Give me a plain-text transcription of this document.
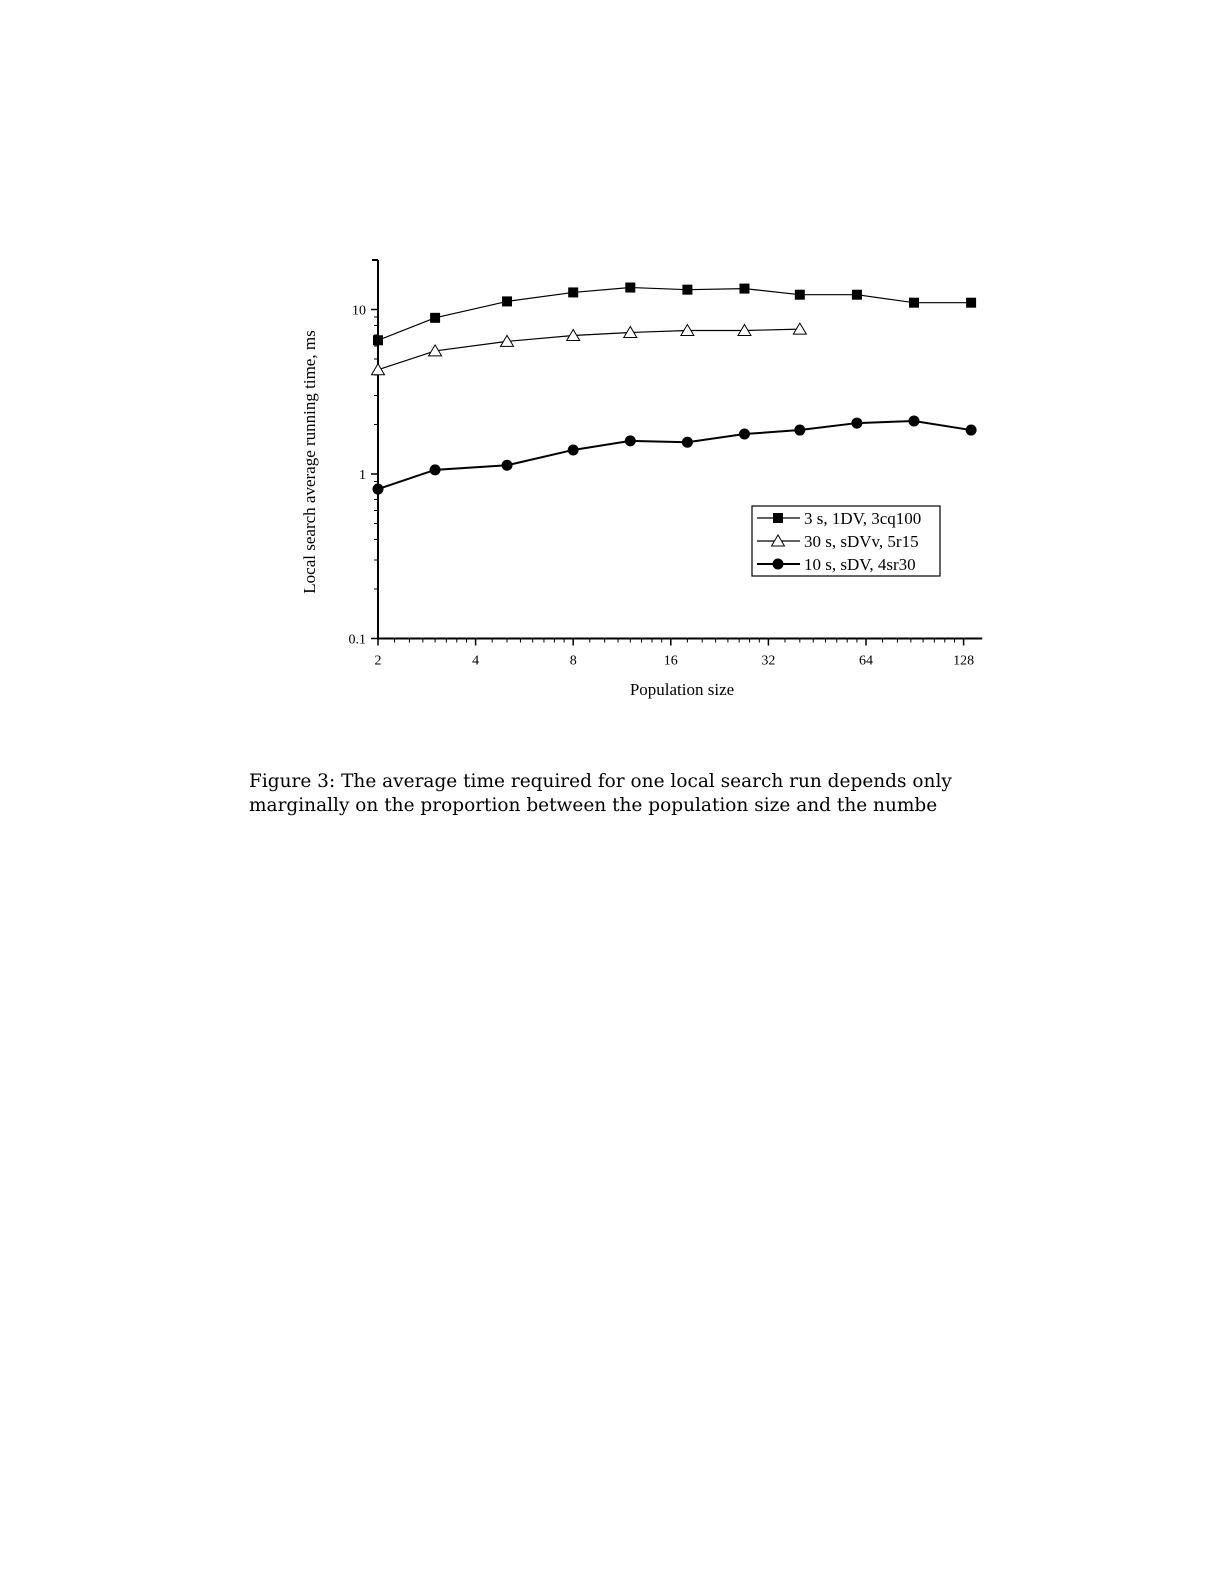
0.1
1
10
2	4	8	16	32	64	128
3 s, 1DV, 3cq100
30 s, sDVv, 5r15
10 s, sDV, 4sr30
Population size
Local search average running time, ms

Figure 3: The average time required for one local search run depends only marginally on the proportion between the population size and the numbe
